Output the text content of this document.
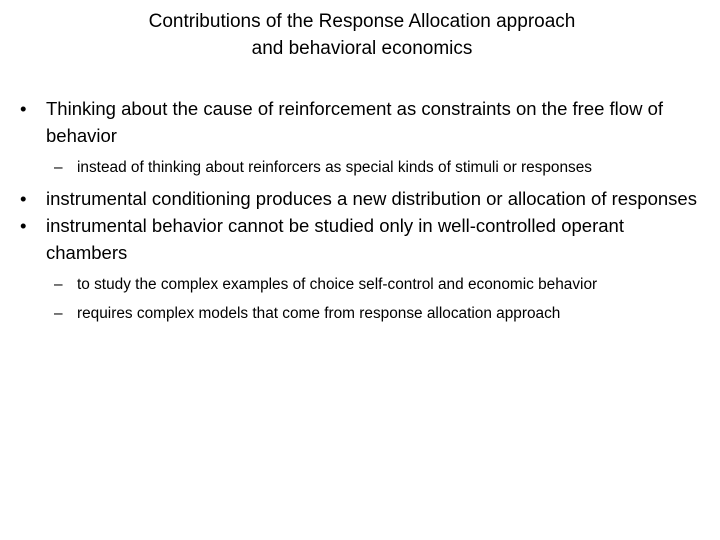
Contributions of the Response Allocation approach
and behavioral economics
•	Thinking about the cause of reinforcement as constraints on the free flow of behavior
– instead of thinking about reinforcers as special kinds of stimuli or responses
•	instrumental conditioning produces a new distribution or allocation of responses
•	instrumental behavior cannot be studied only in well-controlled operant chambers
– to study the complex examples of choice self-control and economic behavior
– requires complex models that come from response allocation approach
